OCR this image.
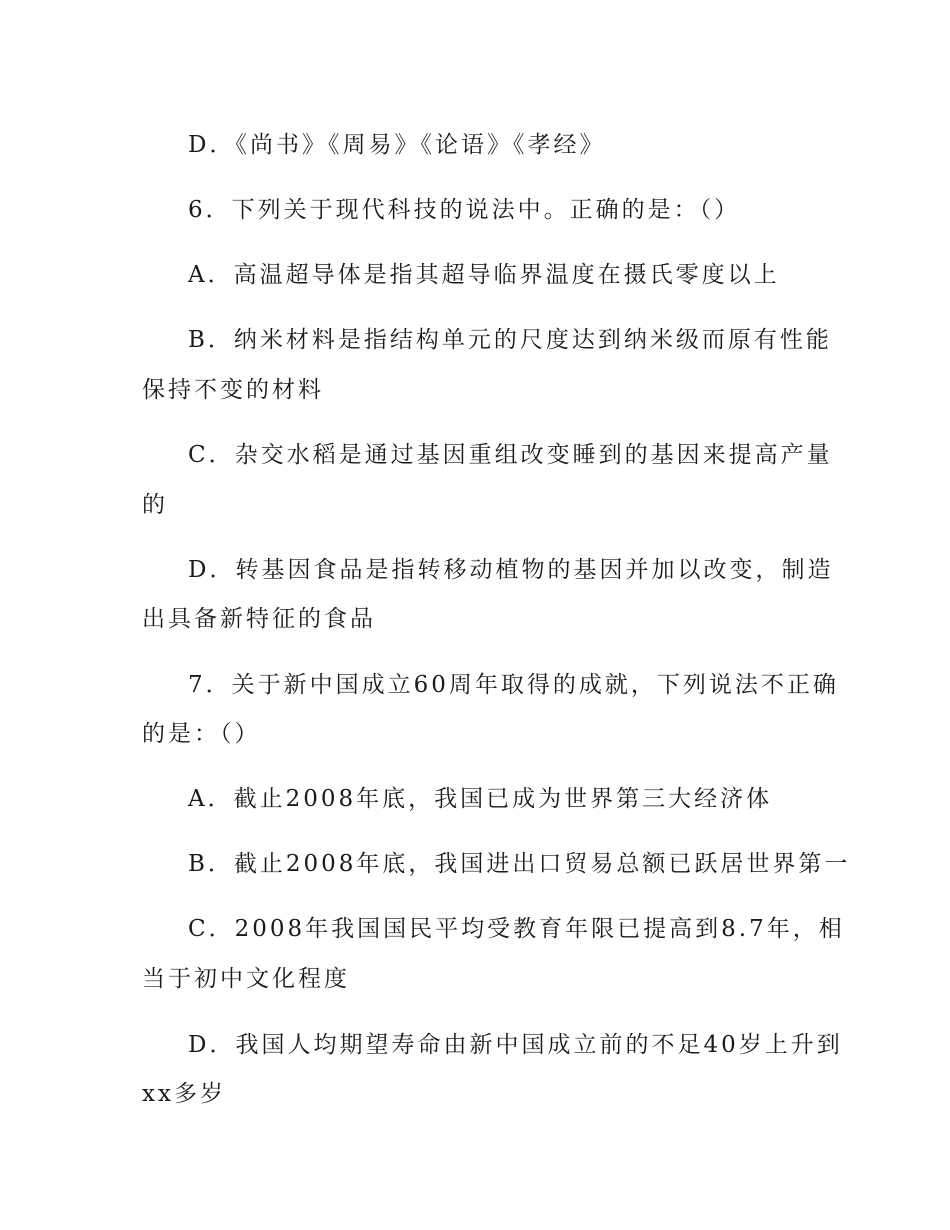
D．《尚书》《周易》《论语》《孝经》
6．下列关于现代科技的说法中。正确的是：（）
A．高温超导体是指其超导临界温度在摄氏零度以上
B．纳米材料是指结构单元的尺度达到纳米级而原有性能
保持不变的材料
C．杂交水稻是通过基因重组改变睡到的基因来提高产量
的
D．转基因食品是指转移动植物的基因并加以改变，制造
出具备新特征的食品
7．关于新中国成立60周年取得的成就，下列说法不正确
的是：（）
A．截止2008年底，我国已成为世界第三大经济体
B．截止2008年底，我国进出口贸易总额已跃居世界第一
C．2008年我国国民平均受教育年限已提高到8.7年，相
当于初中文化程度
D．我国人均期望寿命由新中国成立前的不足40岁上升到
xx多岁
